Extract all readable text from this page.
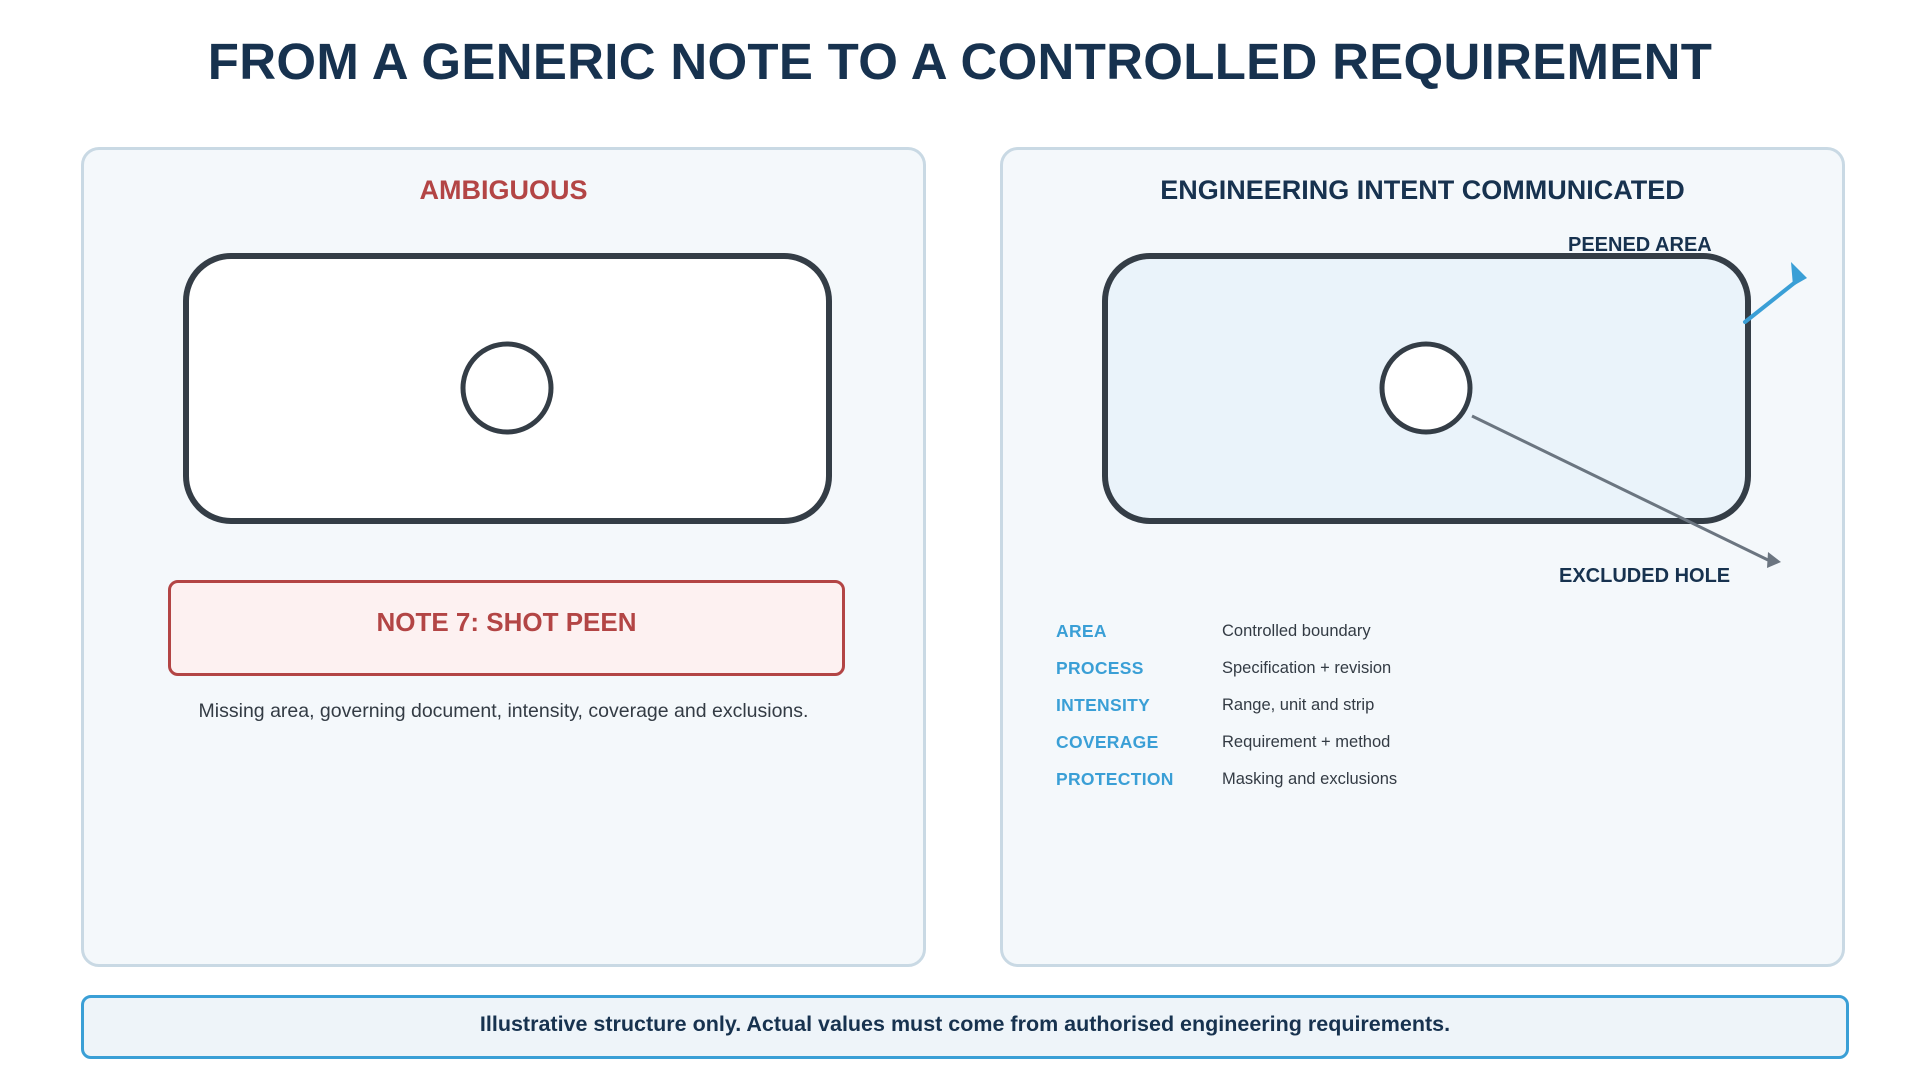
FROM A GENERIC NOTE TO A CONTROLLED REQUIREMENT
AMBIGUOUS
NOTE 7: SHOT PEEN
Missing area, governing document, intensity, coverage and exclusions.
ENGINEERING INTENT COMMUNICATED
PEENED AREA
EXCLUDED HOLE
AREA	Controlled boundary
PROCESS	Specification + revision
INTENSITY	Range, unit and strip
COVERAGE	Requirement + method
PROTECTION	Masking and exclusions
Illustrative structure only. Actual values must come from authorised engineering requirements.
